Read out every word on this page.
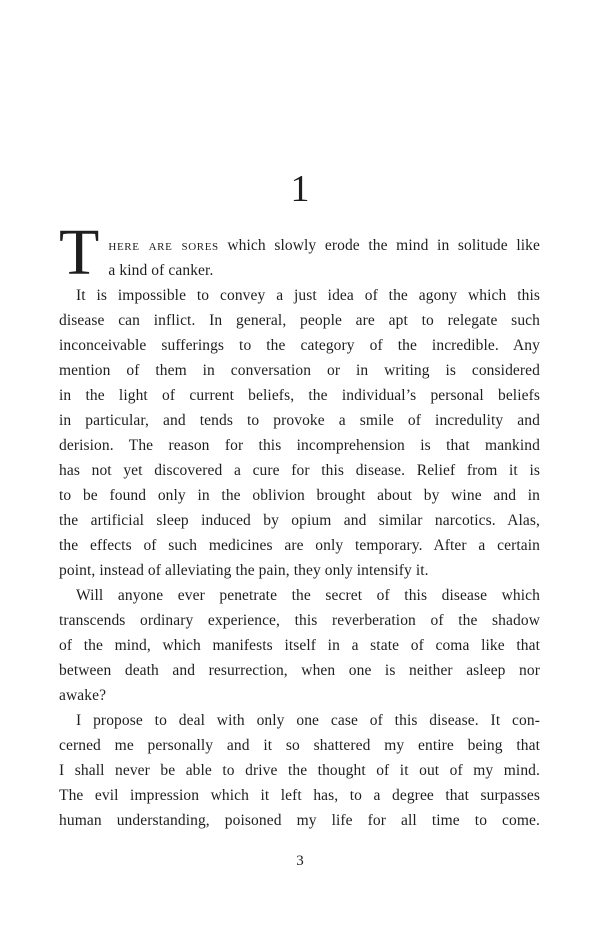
1
T here are sores which slowly erode the mind in solitude like
a kind of canker.
It is impossible to convey a just idea of the agony which this
disease can inflict. In general, people are apt to relegate such
inconceivable sufferings to the category of the incredible. Any
mention of them in conversation or in writing is considered
in the light of current beliefs, the individual’s personal beliefs
in particular, and tends to provoke a smile of incredulity and
derision. The reason for this incomprehension is that mankind
has not yet discovered a cure for this disease. Relief from it is
to be found only in the oblivion brought about by wine and in
the artificial sleep induced by opium and similar narcotics. Alas,
the effects of such medicines are only temporary. After a certain
point, instead of alleviating the pain, they only intensify it.
Will anyone ever penetrate the secret of this disease which
transcends ordinary experience, this reverberation of the shadow
of the mind, which manifests itself in a state of coma like that
between death and resurrection, when one is neither asleep nor
awake?
I propose to deal with only one case of this disease. It con-
cerned me personally and it so shattered my entire being that
I shall never be able to drive the thought of it out of my mind.
The evil impression which it left has, to a degree that surpasses
human understanding, poisoned my life for all time to come.
3
